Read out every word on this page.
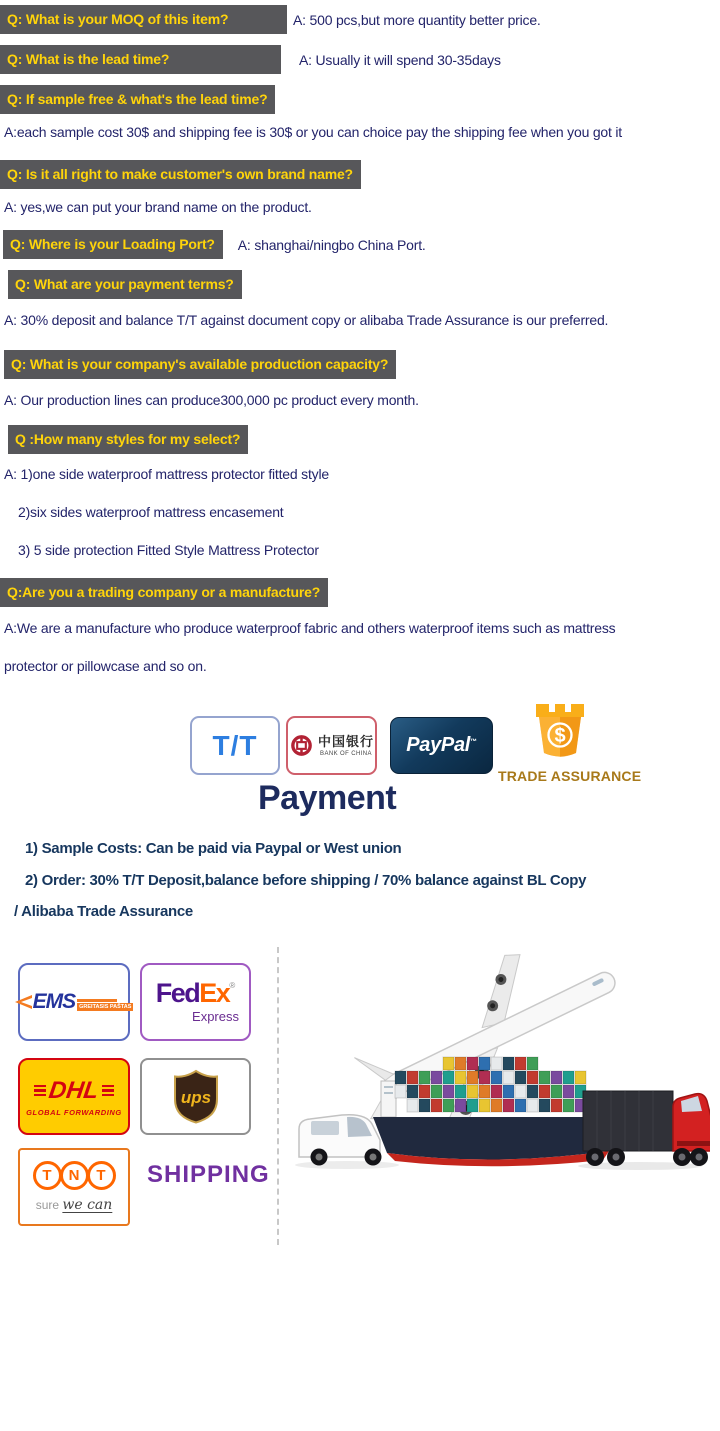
Q: What is your MOQ of this item?	A: 500 pcs,but more quantity better price.
Q: What is the lead time?	A: Usually it will spend 30-35days
Q: If sample free & what's the lead time?
A:each sample cost 30$ and shipping fee is 30$ or you can choice pay the shipping fee when you got it
Q: Is it all right to make customer's own brand name?
A: yes,we can put your brand name on the product.
Q: Where is your Loading Port?	A: shanghai/ningbo China Port.
Q: What are your payment terms?
A: 30% deposit and balance T/T against document copy or alibaba Trade Assurance is our preferred.
Q: What is your company's available production capacity?
A: Our production lines can produce300,000 pc product every month.
Q :How many styles for my select?
A: 1)one side waterproof mattress protector fitted style
2)six sides waterproof mattress encasement
3) 5 side protection Fitted Style Mattress Protector
Q:Are you a trading company or a manufacture?
A:We are a manufacture who produce waterproof fabric and others waterproof items such as mattress
protector or pillowcase and so on.
T/T	中国银行
BANK OF CHINA PayPal™	$
TRADE ASSURANCE
Payment
1) Sample Costs: Can be paid via Paypal or West union
2) Order: 30% T/T Deposit,balance before shipping / 70% balance against BL Copy
/ Alibaba Trade Assurance
EMS GREITASIS PAŠTAS Fed Ex ®
Express
DHL
GLOBAL FORWARDING
ups
T	N	T
sure we can
SHIPPING
